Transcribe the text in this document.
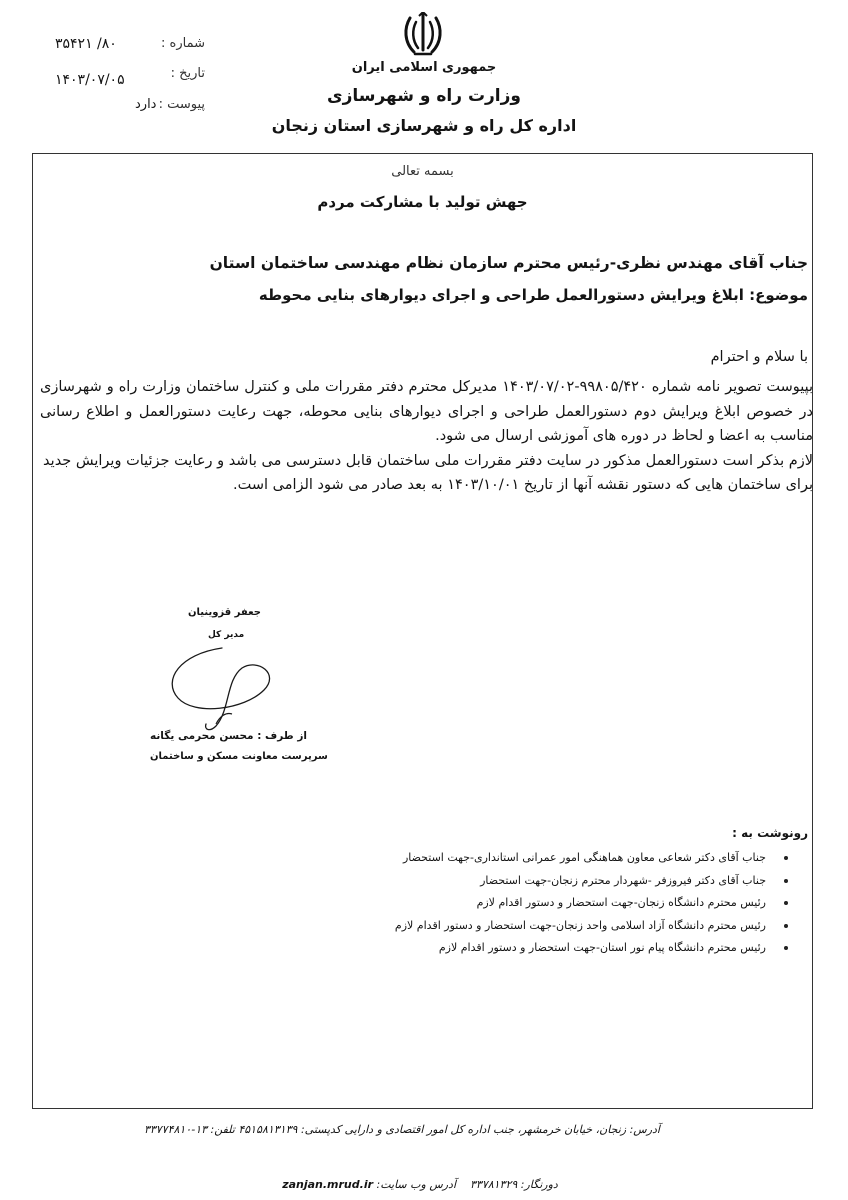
شماره :
۸۰/ ۳۵۴۲۱
تاریخ :
۱۴۰۳/۰۷/۰۵
پیوست :
دارد
جمهوری اسلامی ایران
وزارت راه و شهرسازی
اداره کل راه و شهرسازی استان زنجان
بسمه تعالی
جهش تولید با مشارکت مردم
جناب آقای مهندس نظری-رئیس محترم سازمان نظام مهندسی ساختمان استان
موضوع: ابلاغ ویرایش دستورالعمل طراحی و اجرای دیوارهای بنایی محوطه
با سلام و احترام

بپیوست تصویر نامه شماره ۹۹۸۰۵/۴۲۰-۱۴۰۳/۰۷/۰۲ مدیرکل محترم دفتر مقررات ملی و کنترل ساختمان وزارت راه و شهرسازی در خصوص ابلاغ ویرایش دوم دستورالعمل طراحی و اجرای دیوارهای بنایی محوطه، جهت رعایت دستورالعمل و اطلاع رسانی مناسب به اعضا و لحاظ در دوره های آموزشی ارسال می شود.

لازم بذکر است دستورالعمل مذکور در سایت دفتر مقررات ملی ساختمان قابل دسترسی می باشد و رعایت جزئیات ویرایش جدید برای ساختمان هایی که دستور نقشه آنها از تاریخ ۱۴۰۳/۱۰/۰۱ به بعد صادر می شود الزامی است.

جعفر قزوینیان
مدیر کل
از طرف : محسن محرمی یگانه
سرپرست معاونت مسکن و ساختمان
رونوشت به :
جناب آقای دکتر شعاعی معاون هماهنگی امور عمرانی استانداری-جهت استحضار
جناب آقای دکتر فیروزفر -شهردار محترم زنجان-جهت استحضار
رئیس محترم دانشگاه زنجان-جهت استحضار و دستور اقدام لازم
رئیس محترم دانشگاه آزاد اسلامی واحد زنجان-جهت استحضار و دستور اقدام لازم
رئیس محترم دانشگاه پیام نور استان-جهت استحضار و دستور اقدام لازم
آدرس: زنجان، خیابان خرمشهر، جنب اداره کل امور اقتصادی و دارایی کدپستی: ۴۵۱۵۸۱۳۱۳۹ تلفن: ۱۳-۳۳۷۷۴۸۱۰
دورنگار: ۳۳۷۸۱۳۲۹    آدرس وب سایت: zanjan.mrud.ir
